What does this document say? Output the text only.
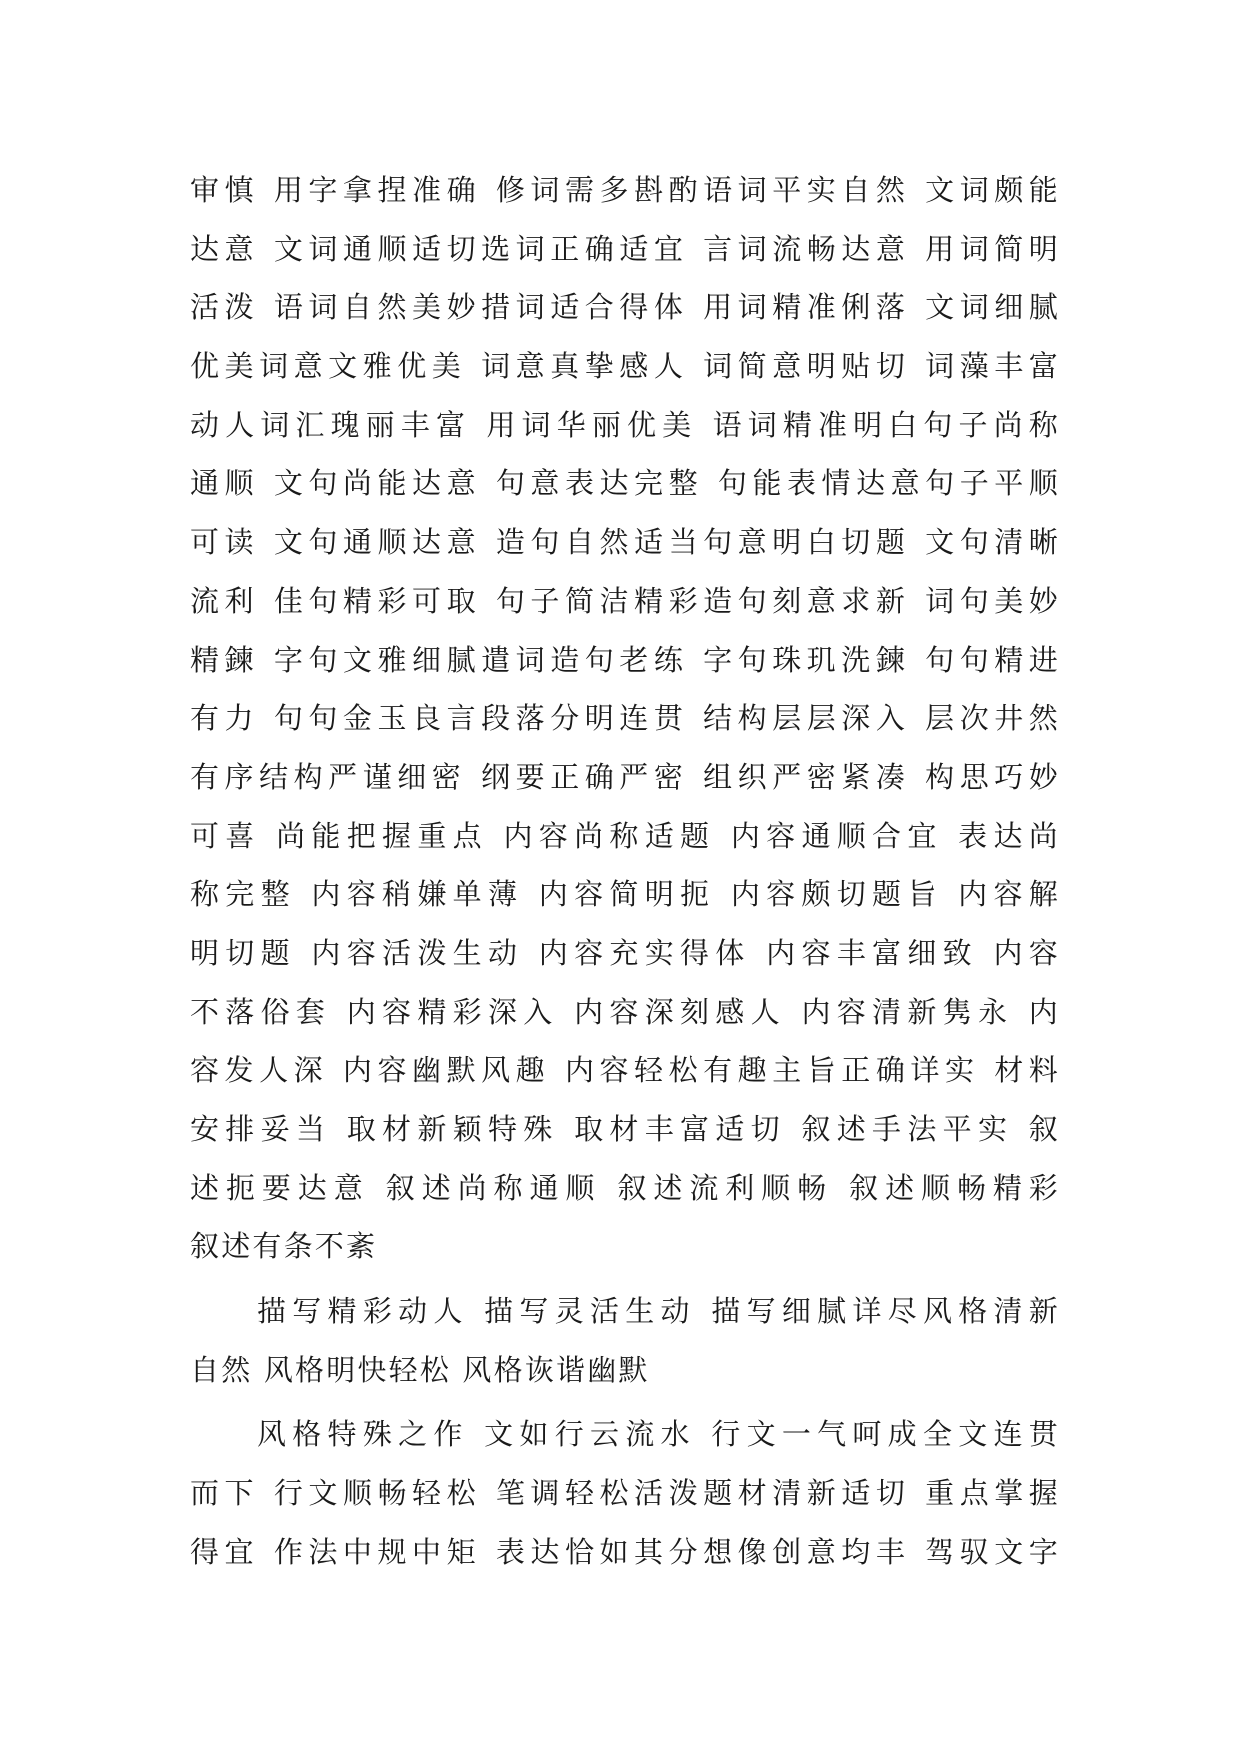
审慎 用字拿捏准确 修词需多斟酌语词平实自然 文词颇能
达意 文词通顺适切选词正确适宜 言词流畅达意 用词简明
活泼 语词自然美妙措词适合得体 用词精准俐落 文词细腻
优美词意文雅优美 词意真挚感人 词简意明贴切 词藻丰富
动人词汇瑰丽丰富 用词华丽优美 语词精准明白句子尚称
通顺 文句尚能达意 句意表达完整 句能表情达意句子平顺
可读 文句通顺达意 造句自然适当句意明白切题 文句清晰
流利 佳句精彩可取 句子简洁精彩造句刻意求新 词句美妙
精鍊 字句文雅细腻遣词造句老练 字句珠玑洗鍊 句句精进
有力 句句金玉良言段落分明连贯 结构层层深入 层次井然
有序结构严谨细密 纲要正确严密 组织严密紧凑 构思巧妙
可喜 尚能把握重点 内容尚称适题 内容通顺合宜 表达尚
称完整 内容稍嫌单薄 内容简明扼 内容颇切题旨 内容解
明切题 内容活泼生动 内容充实得体 内容丰富细致 内容
不落俗套 内容精彩深入 内容深刻感人 内容清新隽永 内
容发人深 内容幽默风趣 内容轻松有趣主旨正确详实 材料
安排妥当 取材新颖特殊 取材丰富适切 叙述手法平实 叙
述扼要达意 叙述尚称通顺 叙述流利顺畅 叙述顺畅精彩
叙述有条不紊
描写精彩动人 描写灵活生动 描写细腻详尽风格清新
自然 风格明快轻松 风格诙谐幽默
风格特殊之作 文如行云流水 行文一气呵成全文连贯
而下 行文顺畅轻松 笔调轻松活泼题材清新适切 重点掌握
得宜 作法中规中矩 表达恰如其分想像创意均丰 驾驭文字
